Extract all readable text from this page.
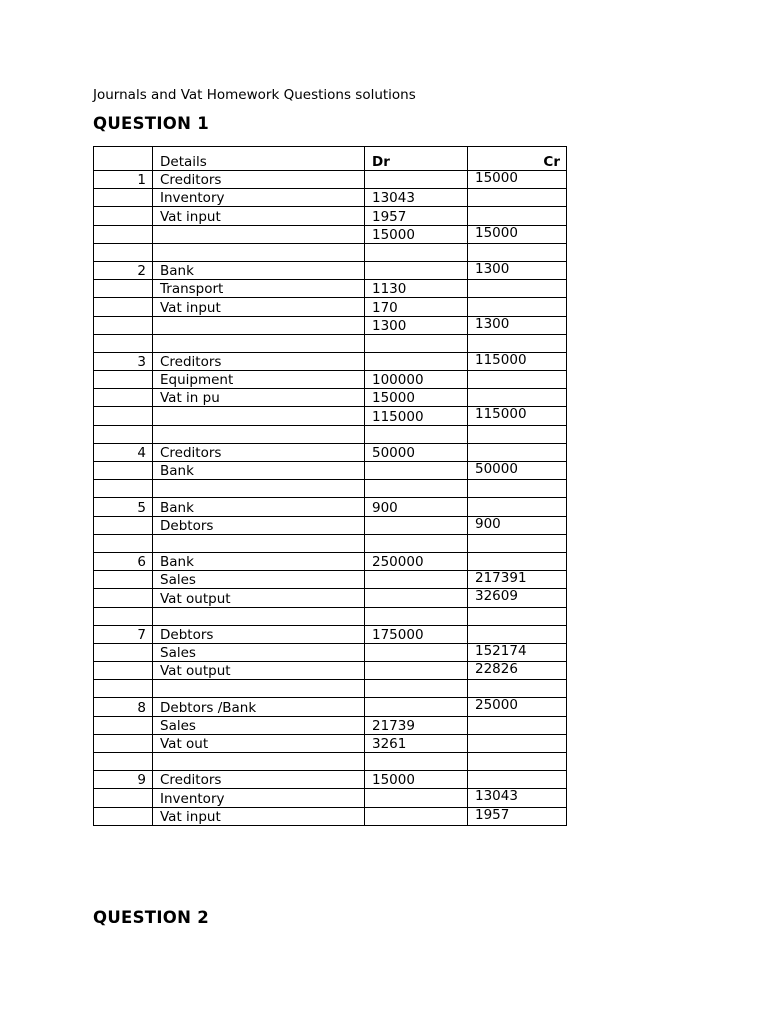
Journals and Vat Homework Questions solutions
QUESTION 1
	Details	Dr	Cr
1	Creditors		15000
	Inventory	13043	
	Vat input	1957	
		15000	15000

2	Bank		1300
	Transport	1130	
	Vat input	170	
		1300	1300

3	Creditors		115000
	Equipment	100000	
	Vat in pu	15000	
		115000	115000

4	Creditors	50000	
	Bank		50000

5	Bank	900	
	Debtors		900

6	Bank	250000	
	Sales		217391
	Vat output		32609

7	Debtors	175000	
	Sales		152174
	Vat output		22826

8	Debtors /Bank		25000
	Sales	21739	
	Vat out	3261	

9	Creditors	15000	
	Inventory		13043
	Vat input		1957
QUESTION 2
